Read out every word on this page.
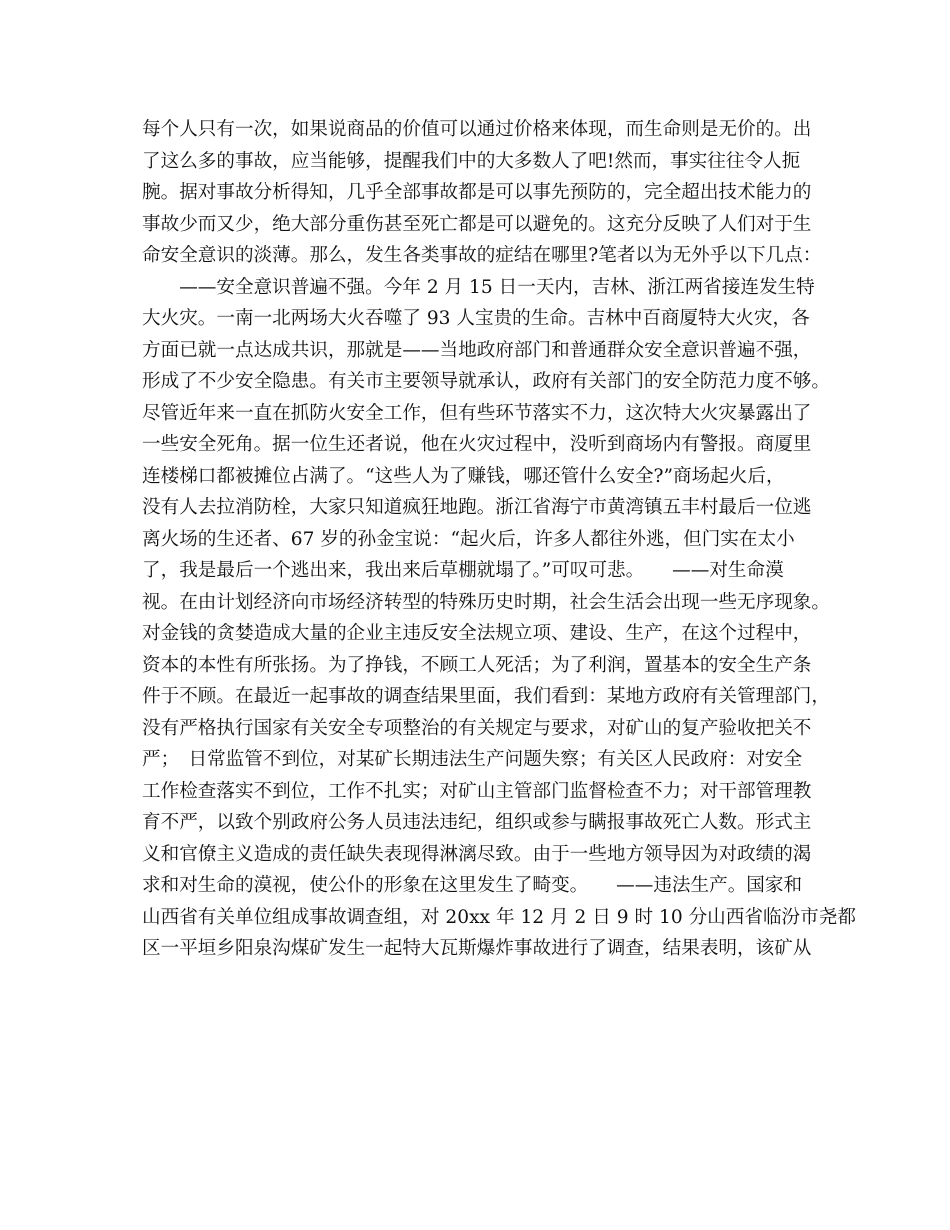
每个人只有一次，如果说商品的价值可以通过价格来体现，而生命则是无价的。出
了这么多的事故，应当能够，提醒我们中的大多数人了吧!然而，事实往往令人扼
腕。据对事故分析得知，几乎全部事故都是可以事先预防的，完全超出技术能力的
事故少而又少，绝大部分重伤甚至死亡都是可以避免的。这充分反映了人们对于生
命安全意识的淡薄。那么，发生各类事故的症结在哪里?笔者以为无外乎以下几点：
　　——安全意识普遍不强。今年 2 月 15 日一天内，吉林、浙江两省接连发生特
大火灾。一南一北两场大火吞噬了 93 人宝贵的生命。吉林中百商厦特大火灾，各
方面已就一点达成共识，那就是——当地政府部门和普通群众安全意识普遍不强，
形成了不少安全隐患。有关市主要领导就承认，政府有关部门的安全防范力度不够。
尽管近年来一直在抓防火安全工作，但有些环节落实不力，这次特大火灾暴露出了
一些安全死角。据一位生还者说，他在火灾过程中，没听到商场内有警报。商厦里
连楼梯口都被摊位占满了。“这些人为了赚钱，哪还管什么安全?”商场起火后，
没有人去拉消防栓，大家只知道疯狂地跑。浙江省海宁市黄湾镇五丰村最后一位逃
离火场的生还者、67 岁的孙金宝说：“起火后，许多人都往外逃，但门实在太小
了，我是最后一个逃出来，我出来后草棚就塌了。”可叹可悲。　　——对生命漠
视。在由计划经济向市场经济转型的特殊历史时期，社会生活会出现一些无序现象。
对金钱的贪婪造成大量的企业主违反安全法规立项、建设、生产，在这个过程中，
资本的本性有所张扬。为了挣钱，不顾工人死活；为了利润，置基本的安全生产条
件于不顾。在最近一起事故的调查结果里面，我们看到：某地方政府有关管理部门，
没有严格执行国家有关安全专项整治的有关规定与要求，对矿山的复产验收把关不
严；　日常监管不到位，对某矿长期违法生产问题失察；有关区人民政府：对安全
工作检查落实不到位，工作不扎实；对矿山主管部门监督检查不力；对干部管理教
育不严，以致个别政府公务人员违法违纪，组织或参与瞒报事故死亡人数。形式主
义和官僚主义造成的责任缺失表现得淋漓尽致。由于一些地方领导因为对政绩的渴
求和对生命的漠视，使公仆的形象在这里发生了畸变。　　——违法生产。国家和
山西省有关单位组成事故调查组，对 20xx 年 12 月 2 日 9 时 10 分山西省临汾市尧都
区一平垣乡阳泉沟煤矿发生一起特大瓦斯爆炸事故进行了调查，结果表明，该矿从
